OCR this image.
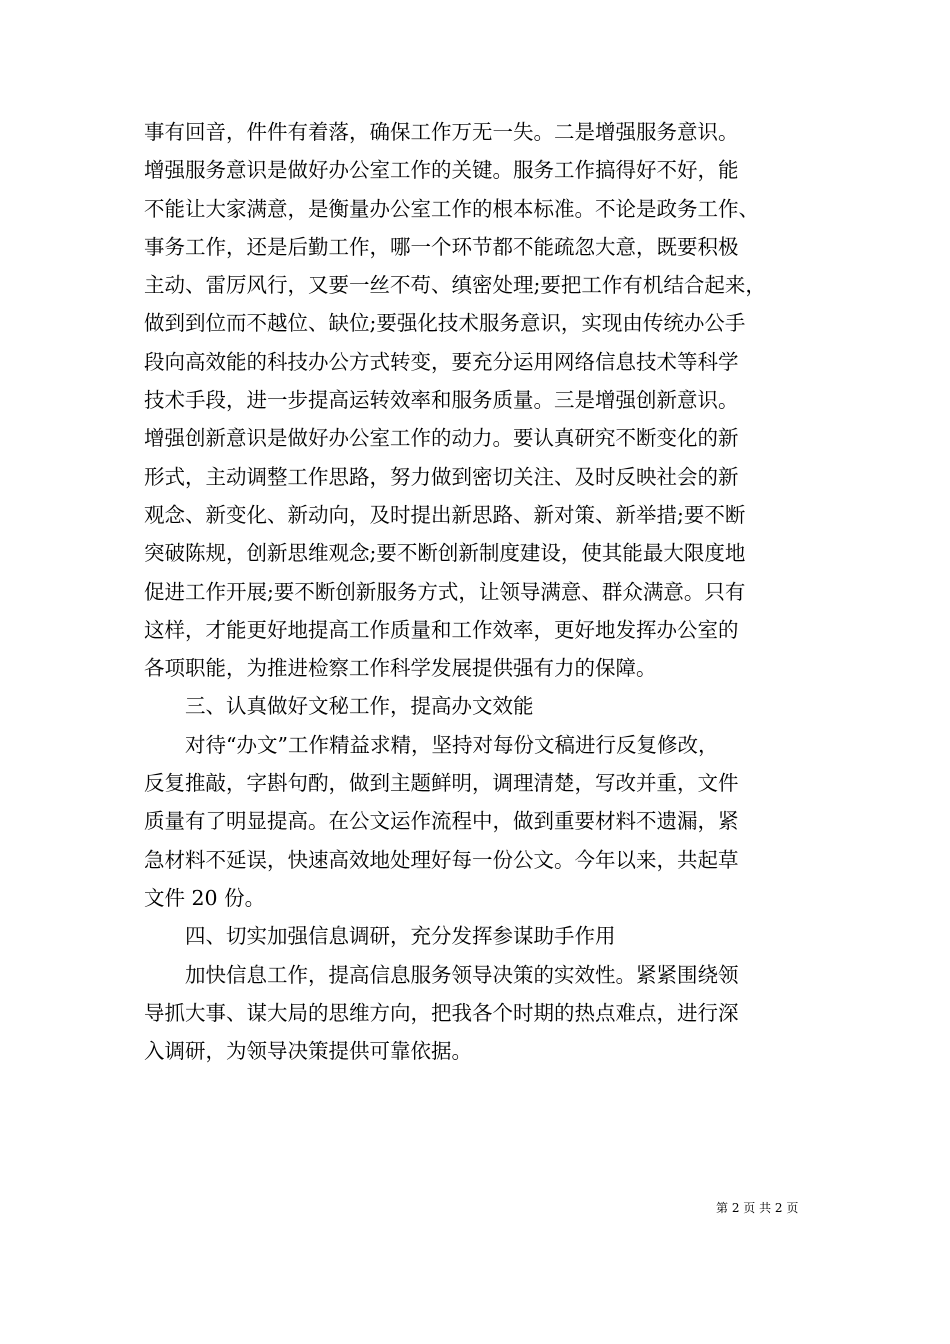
事有回音，件件有着落，确保工作万无一失。二是增强服务意识。
增强服务意识是做好办公室工作的关键。服务工作搞得好不好，能
不能让大家满意，是衡量办公室工作的根本标准。不论是政务工作、
事务工作，还是后勤工作，哪一个环节都不能疏忽大意，既要积极
主动、雷厉风行，又要一丝不苟、缜密处理;要把工作有机结合起来，
做到到位而不越位、缺位;要强化技术服务意识，实现由传统办公手
段向高效能的科技办公方式转变，要充分运用网络信息技术等科学
技术手段，进一步提高运转效率和服务质量。三是增强创新意识。
增强创新意识是做好办公室工作的动力。要认真研究不断变化的新
形式，主动调整工作思路，努力做到密切关注、及时反映社会的新
观念、新变化、新动向，及时提出新思路、新对策、新举措;要不断
突破陈规，创新思维观念;要不断创新制度建设，使其能最大限度地
促进工作开展;要不断创新服务方式，让领导满意、群众满意。只有
这样，才能更好地提高工作质量和工作效率，更好地发挥办公室的
各项职能，为推进检察工作科学发展提供强有力的保障。
三、认真做好文秘工作，提高办文效能
对待“办文”工作精益求精，坚持对每份文稿进行反复修改，
反复推敲，字斟句酌，做到主题鲜明，调理清楚，写改并重，文件
质量有了明显提高。在公文运作流程中，做到重要材料不遗漏，紧
急材料不延误，快速高效地处理好每一份公文。今年以来，共起草
文件 20 份。
四、切实加强信息调研，充分发挥参谋助手作用
加快信息工作，提高信息服务领导决策的实效性。紧紧围绕领
导抓大事、谋大局的思维方向，把我各个时期的热点难点，进行深
入调研，为领导决策提供可靠依据。
第 2 页 共 2 页
